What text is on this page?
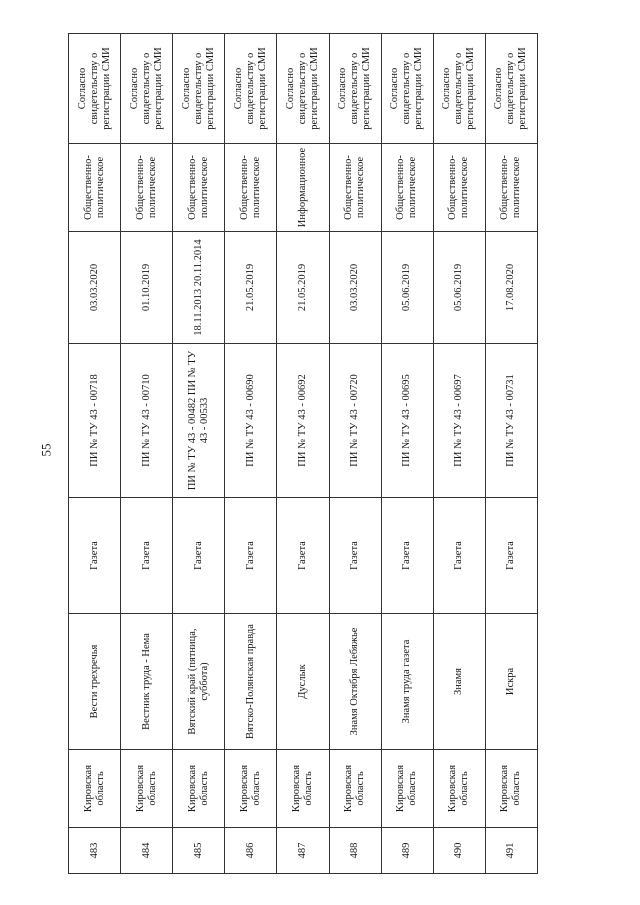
55
483	Кировская область	Вести трехречья	Газета	ПИ № ТУ 43 - 00718	03.03.2020	Общественно-политическое	Согласно свидетельству о регистрации СМИ
484	Кировская область	Вестник труда - Нема	Газета	ПИ № ТУ 43 - 00710	01.10.2019	Общественно-политическое	Согласно свидетельству о регистрации СМИ
485	Кировская область	Вятский край (пятница, суббота)	Газета	ПИ № ТУ 43 - 00482 ПИ № ТУ 43 - 00533	18.11.2013 20.11.2014	Общественно-политическое	Согласно свидетельству о регистрации СМИ
486	Кировская область	Вятско-Полянская правда	Газета	ПИ № ТУ 43 - 00690	21.05.2019	Общественно-политическое	Согласно свидетельству о регистрации СМИ
487	Кировская область	Дуслык	Газета	ПИ № ТУ 43 - 00692	21.05.2019	Информационное	Согласно свидетельству о регистрации СМИ
488	Кировская область	Знамя Октября Лебяжье	Газета	ПИ № ТУ 43 - 00720	03.03.2020	Общественно-политическое	Согласно свидетельству о регистрации СМИ
489	Кировская область	Знамя труда газета	Газета	ПИ № ТУ 43 - 00695	05.06.2019	Общественно-политическое	Согласно свидетельству о регистрации СМИ
490	Кировская область	Знамя	Газета	ПИ № ТУ 43 - 00697	05.06.2019	Общественно-политическое	Согласно свидетельству о регистрации СМИ
491	Кировская область	Искра	Газета	ПИ № ТУ 43 - 00731	17.08.2020	Общественно-политическое	Согласно свидетельству о регистрации СМИ
